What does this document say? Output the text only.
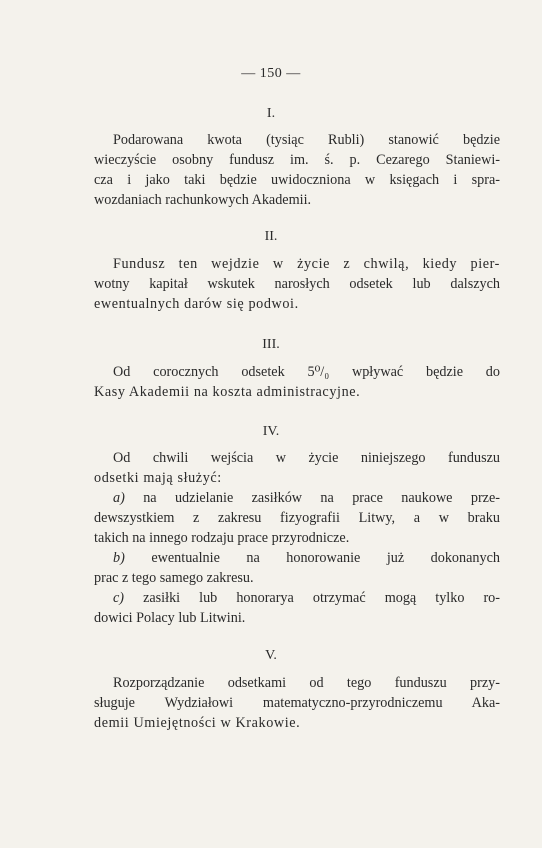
— 150 —
I.
Podarowana kwota (tysiąc Rubli) stanowić będzie
wieczyście osobny fundusz im. ś. p. Cezarego Staniewi-
cza i jako taki będzie uwidoczniona w księgach i spra-
wozdaniach rachunkowych Akademii.
II.
Fundusz ten wejdzie w życie z chwilą, kiedy pier-
wotny kapitał wskutek narosłych odsetek lub dalszych
ewentualnych darów się podwoi.
III.
Od corocznych odsetek 5⁰/₀ wpływać będzie do
Kasy Akademii na koszta administracyjne.
IV.
Od chwili wejścia w życie niniejszego funduszu
odsetki mają służyć:
a) na udzielanie zasiłków na prace naukowe prze-
dewszystkiem z zakresu fizyografii Litwy, a w braku
takich na innego rodzaju prace przyrodnicze.
b) ewentualnie na honorowanie już dokonanych
prac z tego samego zakresu.
c) zasiłki lub honorarya otrzymać mogą tylko ro-
dowici Polacy lub Litwini.
V.
Rozporządzanie odsetkami od tego funduszu przy-
sługuje Wydziałowi matematyczno-przyrodniczemu Aka-
demii Umiejętności w Krakowie.
